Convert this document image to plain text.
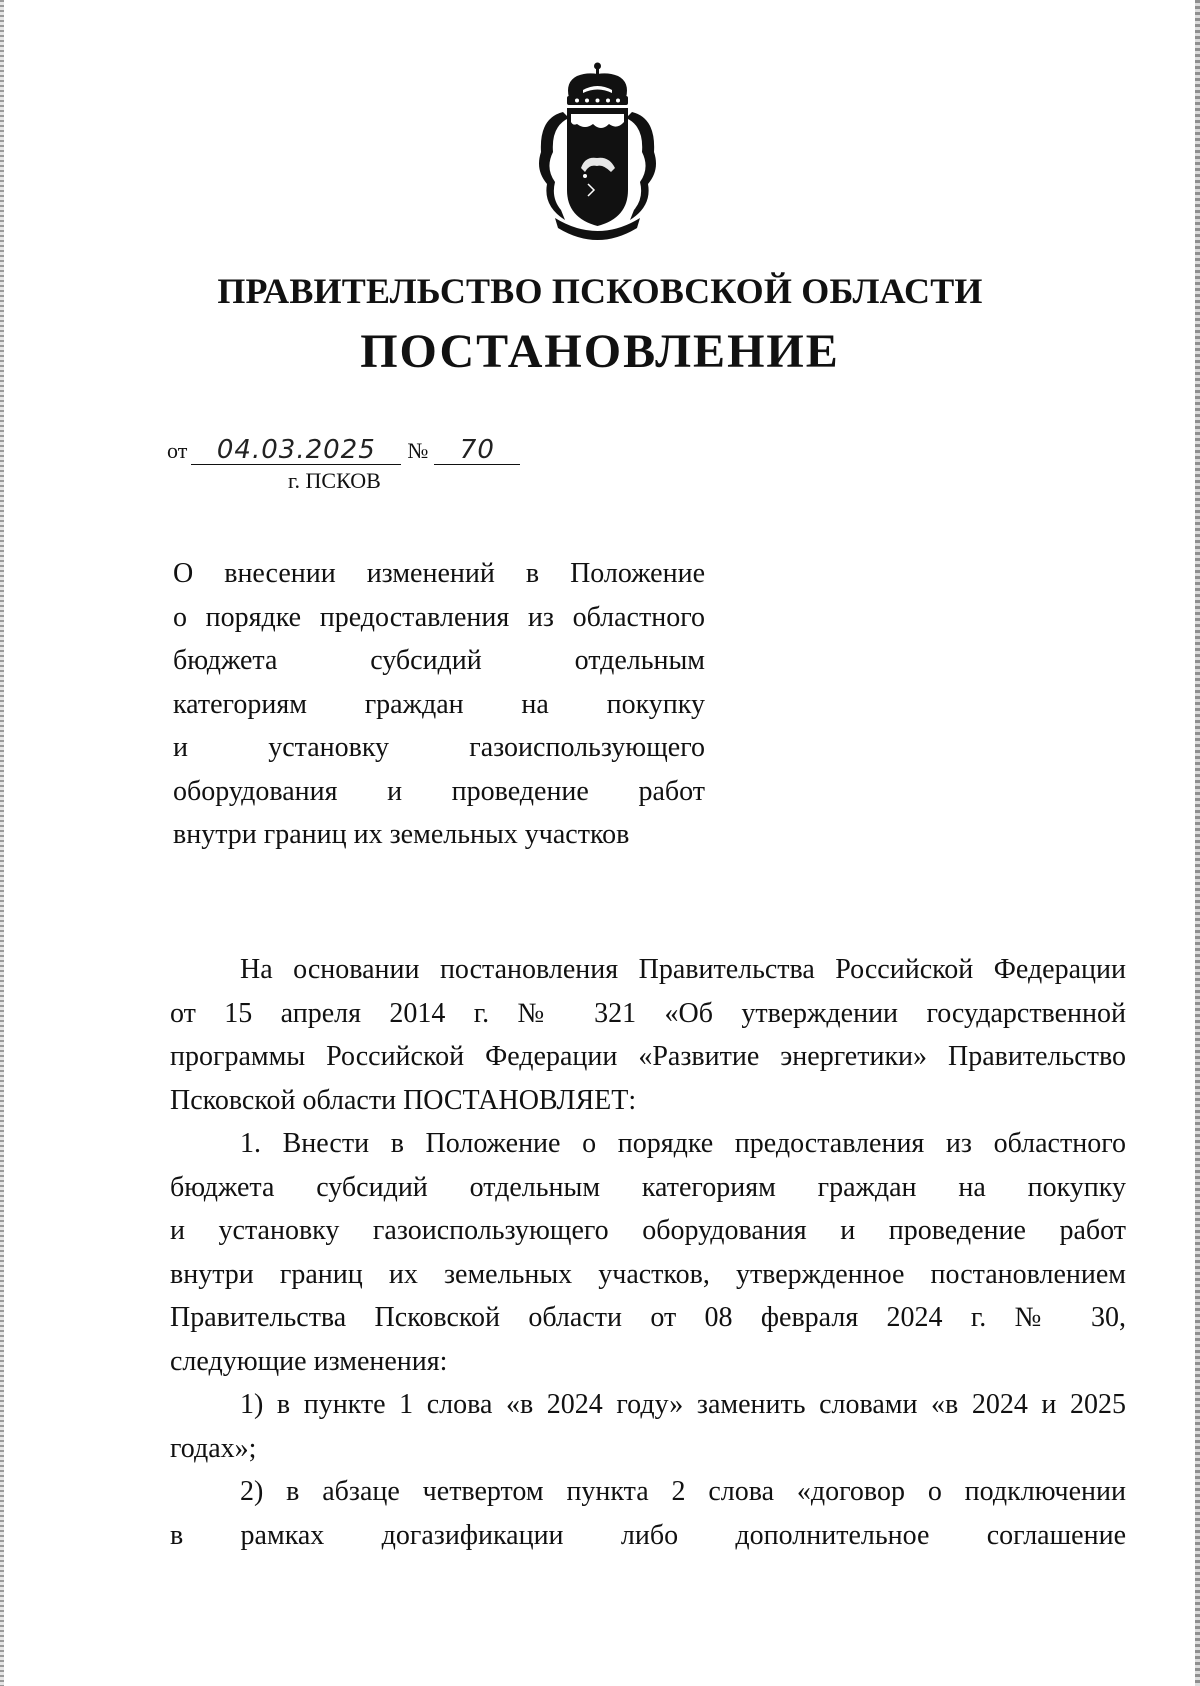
ПРАВИТЕЛЬСТВО ПСКОВСКОЙ ОБЛАСТИ
ПОСТАНОВЛЕНИЕ
от 04.03.2025 № 70
г. ПСКОВ
О внесении изменений в Положение
о порядке предоставления из областного
бюджета субсидий отдельным
категориям граждан на покупку
и установку газоиспользующего
оборудования и проведение работ
внутри границ их земельных участков

На основании постановления Правительства Российской Федерации
от 15 апреля 2014 г. № 321 «Об утверждении государственной
программы Российской Федерации «Развитие энергетики» Правительство
Псковской области ПОСТАНОВЛЯЕТ:

1. Внести в Положение о порядке предоставления из областного
бюджета субсидий отдельным категориям граждан на покупку
и установку газоиспользующего оборудования и проведение работ
внутри границ их земельных участков, утвержденное постановлением
Правительства Псковской области от 08 февраля 2024 г. № 30,
следующие изменения:

1) в пункте 1 слова «в 2024 году» заменить словами «в 2024 и 2025
годах»;

2) в абзаце четвертом пункта 2 слова «договор о подключении
в рамках догазификации либо дополнительное соглашение
